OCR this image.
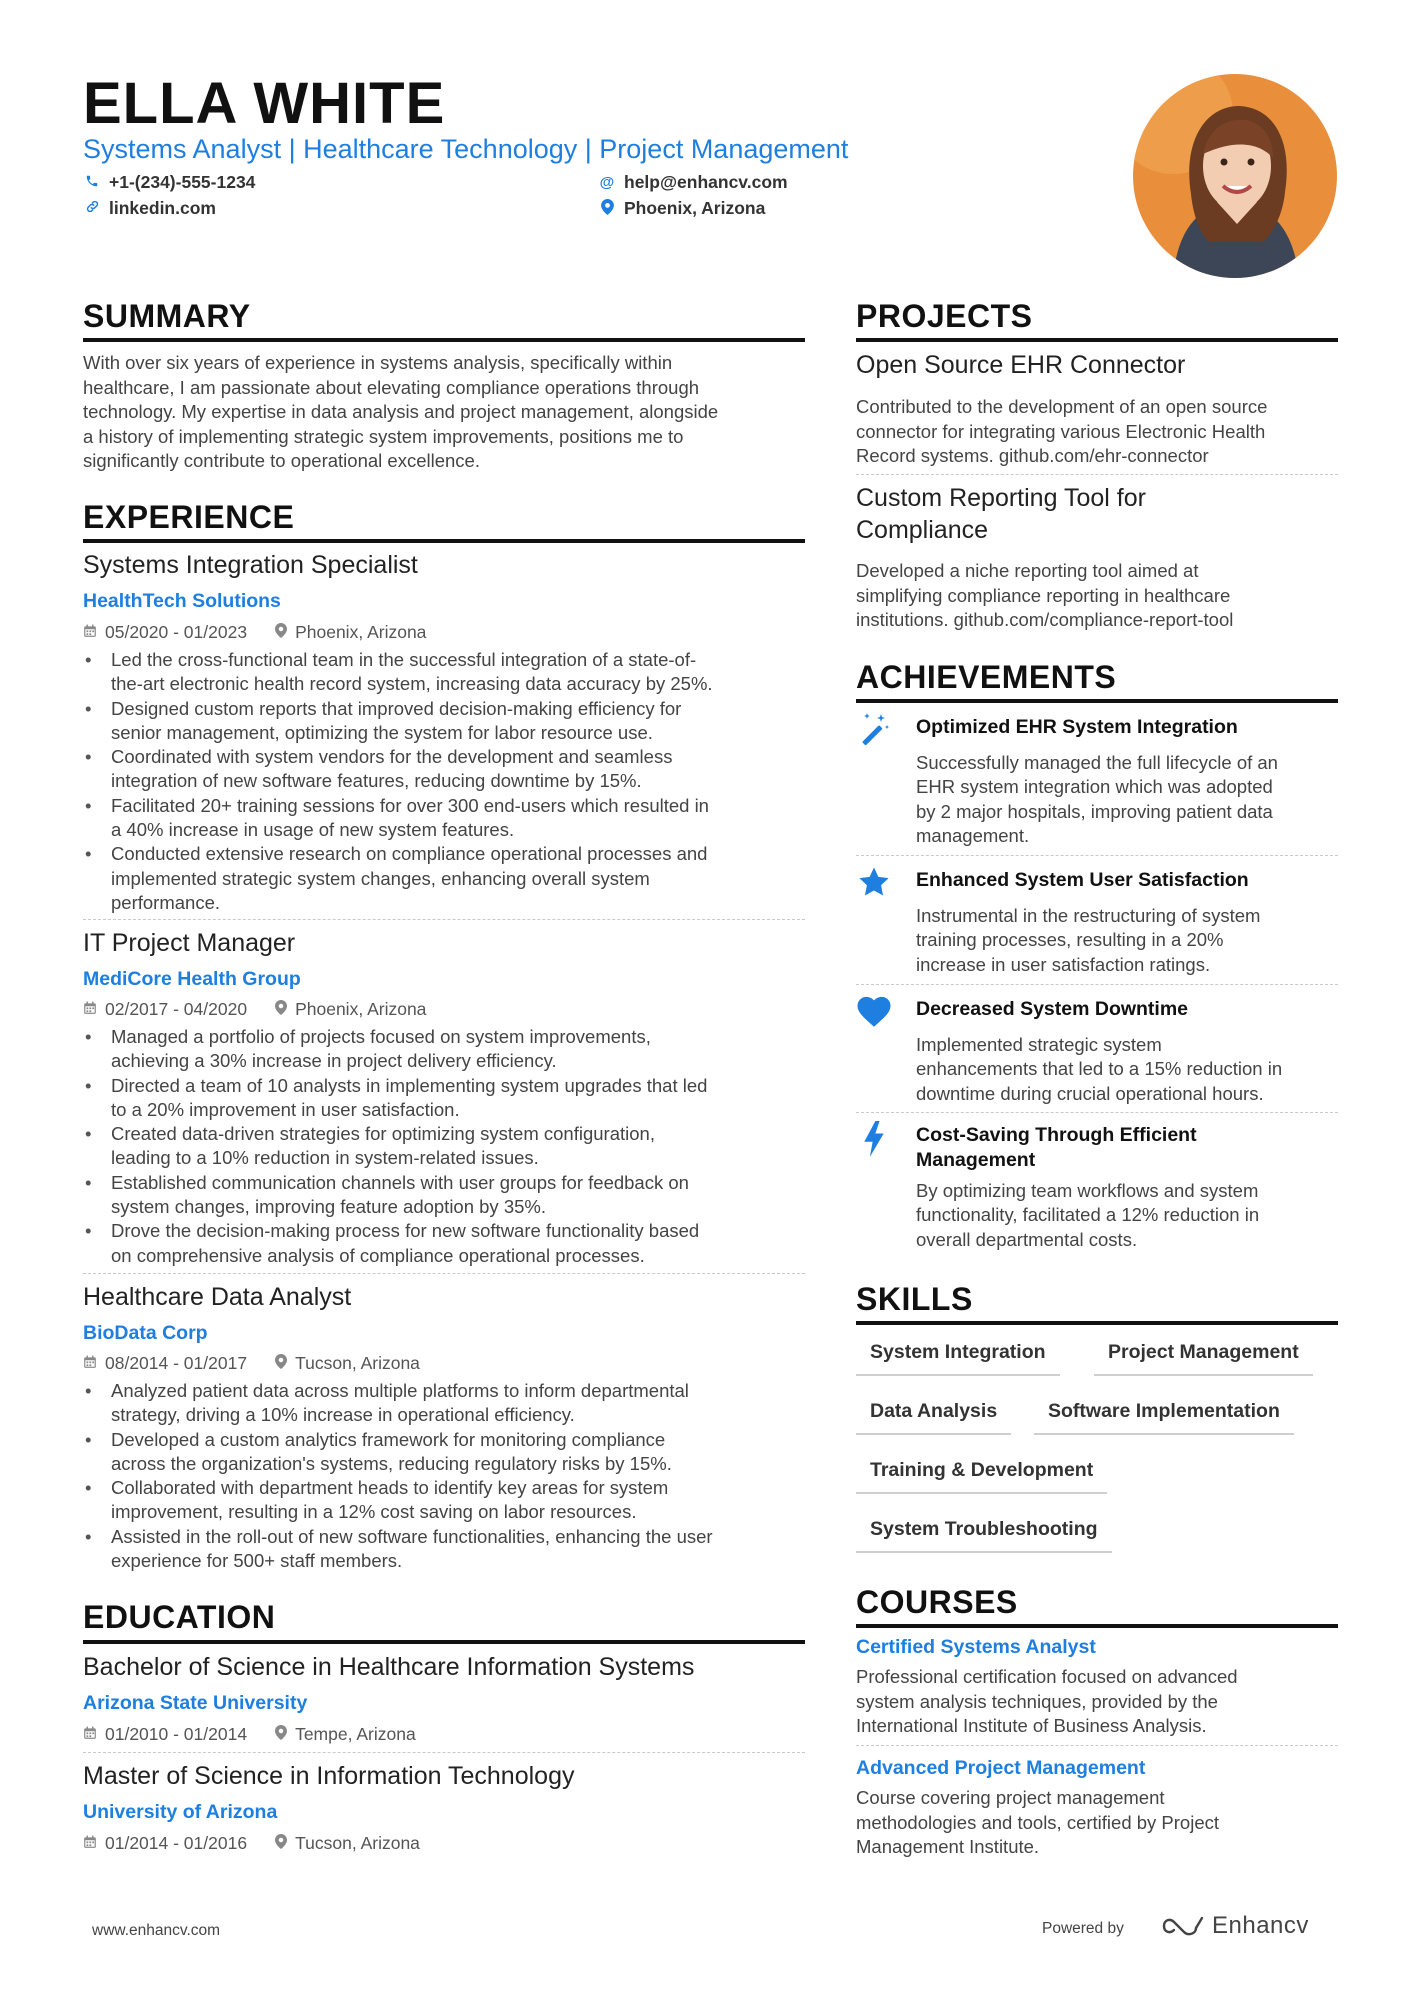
ELLA WHITE
Systems Analyst | Healthcare Technology | Project Management
+1-(234)-555-1234	@ help@enhancv.com
linkedin.com	Phoenix, Arizona
SUMMARY
With over six years of experience in systems analysis, specifically within
healthcare, I am passionate about elevating compliance operations through
technology. My expertise in data analysis and project management, alongside
a history of implementing strategic system improvements, positions me to
significantly contribute to operational excellence.
EXPERIENCE
Systems Integration Specialist
HealthTech Solutions
05/2020 - 01/2023	Phoenix, Arizona
• Led the cross-functional team in the successful integration of a state-of-
the-art electronic health record system, increasing data accuracy by 25%.
• Designed custom reports that improved decision-making efficiency for
senior management, optimizing the system for labor resource use.
• Coordinated with system vendors for the development and seamless
integration of new software features, reducing downtime by 15%.
• Facilitated 20+ training sessions for over 300 end-users which resulted in
a 40% increase in usage of new system features.
• Conducted extensive research on compliance operational processes and
implemented strategic system changes, enhancing overall system
performance.
IT Project Manager
MediCore Health Group
02/2017 - 04/2020	Phoenix, Arizona
• Managed a portfolio of projects focused on system improvements,
achieving a 30% increase in project delivery efficiency.
• Directed a team of 10 analysts in implementing system upgrades that led
to a 20% improvement in user satisfaction.
• Created data-driven strategies for optimizing system configuration,
leading to a 10% reduction in system-related issues.
• Established communication channels with user groups for feedback on
system changes, improving feature adoption by 35%.
• Drove the decision-making process for new software functionality based
on comprehensive analysis of compliance operational processes.
Healthcare Data Analyst
BioData Corp
08/2014 - 01/2017	Tucson, Arizona
• Analyzed patient data across multiple platforms to inform departmental
strategy, driving a 10% increase in operational efficiency.
• Developed a custom analytics framework for monitoring compliance
across the organization's systems, reducing regulatory risks by 15%.
• Collaborated with department heads to identify key areas for system
improvement, resulting in a 12% cost saving on labor resources.
• Assisted in the roll-out of new software functionalities, enhancing the user
experience for 500+ staff members.
EDUCATION
Bachelor of Science in Healthcare Information Systems
Arizona State University
01/2010 - 01/2014	Tempe, Arizona
Master of Science in Information Technology
University of Arizona
01/2014 - 01/2016	Tucson, Arizona
PROJECTS
Open Source EHR Connector
Contributed to the development of an open source
connector for integrating various Electronic Health
Record systems. github.com/ehr-connector
Custom Reporting Tool for
Compliance
Developed a niche reporting tool aimed at
simplifying compliance reporting in healthcare
institutions. github.com/compliance-report-tool
ACHIEVEMENTS
Optimized EHR System Integration
Successfully managed the full lifecycle of an
EHR system integration which was adopted
by 2 major hospitals, improving patient data
management.
Enhanced System User Satisfaction
Instrumental in the restructuring of system
training processes, resulting in a 20%
increase in user satisfaction ratings.
Decreased System Downtime
Implemented strategic system
enhancements that led to a 15% reduction in
downtime during crucial operational hours.
Cost-Saving Through Efficient
Management
By optimizing team workflows and system
functionality, facilitated a 12% reduction in
overall departmental costs.
SKILLS
System Integration	Project Management
Data Analysis	Software Implementation
Training & Development
System Troubleshooting
COURSES
Certified Systems Analyst
Professional certification focused on advanced
system analysis techniques, provided by the
International Institute of Business Analysis.
Advanced Project Management
Course covering project management
methodologies and tools, certified by Project
Management Institute.
www.enhancv.com	Powered by	Enhancv
